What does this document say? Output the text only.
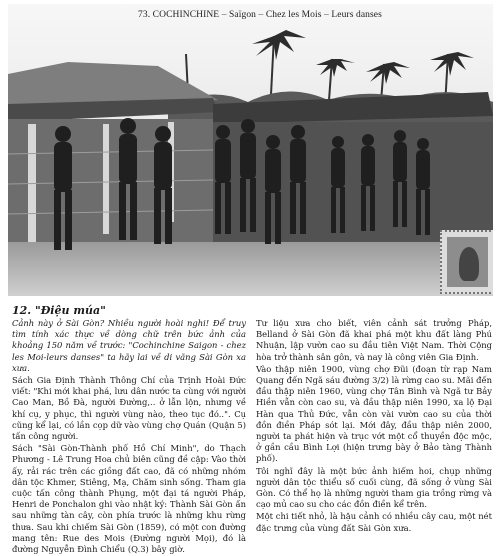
73. COCHINCHINE – Saïgon – Chez les Mois – Leurs danses
12. "Điệu múa"

Cảnh này ở Sài Gòn? Nhiều người hoài nghi! Để truy tìm tính xác thực về dòng chữ trên bức ảnh của khoảng 150 năm về trước: "Cochinchine Saigon - chez les Moi-leurs danses" ta hãy lai về di vãng Sài Gòn xa xưa.

Sách Gia Định Thành Thông Chí của Trịnh Hoài Đức viết: "Khi mới khai phá, lưu dân nước ta cùng với người Cao Man, Bồ Đà, người Đường,.. ở lẫn lộn, nhưng về khí cụ, y phục, thì người vùng nào, theo tục đó..". Cụ cũng kể lại, có lần cọp dữ vào vùng chợ Quán (Quận 5) tấn công người.

Sách "Sài Gòn-Thành phố Hồ Chí Minh", do Thạch Phương - Lê Trung Hoa chủ biên cũng đề cập: Vào thời ấy, rải rác trên các giồng đất cao, đã có những nhóm dân tộc Khmer, Stiêng, Mạ, Chăm sinh sống. Tham gia cuộc tấn công thành Phụng, một đại tá người Pháp, Henri de Ponchalon ghi vào nhật ký: Thành Sài Gòn ấn sau những tàn cây, còn phía trước là những khu rừng thưa. Sau khi chiếm Sài Gòn (1859), có một con đường mang tên: Rue des Mois (Đường người Mọi), đó là đường Nguyễn Đình Chiểu (Q.3) bây giờ.

Tư liệu xưa cho biết, viên cảnh sát trưởng Pháp, Belland ở Sài Gòn đã khai phá một khu đất làng Phú Nhuận, lập vườn cao su đầu tiên Việt Nam. Thời Cộng hòa trở thành sân gôn, và nay là công viên Gia Định.

Vào thập niên 1900, vùng chợ Đũi (đoạn từ rạp Nam Quang đến Ngã sáu đường 3/2) là rừng cao su. Mãi đến đầu thập niên 1960, vùng chợ Tân Bình và Ngã tư Bảy Hiền vẫn còn cao su, và đầu thập niên 1990, xa lộ Đại Hàn qua Thủ Đức, vẫn còn vài vườn cao su của thời đồn điền Pháp sót lại. Mới đây, đầu thập niên 2000, người ta phát hiện và trục vớt một cổ thuyền độc mộc, ở gần cầu Bình Lợi (hiện trưng bày ở Bảo tàng Thành phố).

Tôi nghĩ đây là một bức ảnh hiếm hoi, chụp những người dân tộc thiểu số cuối cùng, đã sống ở vùng Sài Gòn. Có thể họ là những người tham gia trồng rừng và cạo mủ cao su cho các đồn điền kể trên.

Một chi tiết nhỏ, là hậu cảnh có nhiều cây cau, một nét đặc trưng của vùng đất Sài Gòn xưa.
